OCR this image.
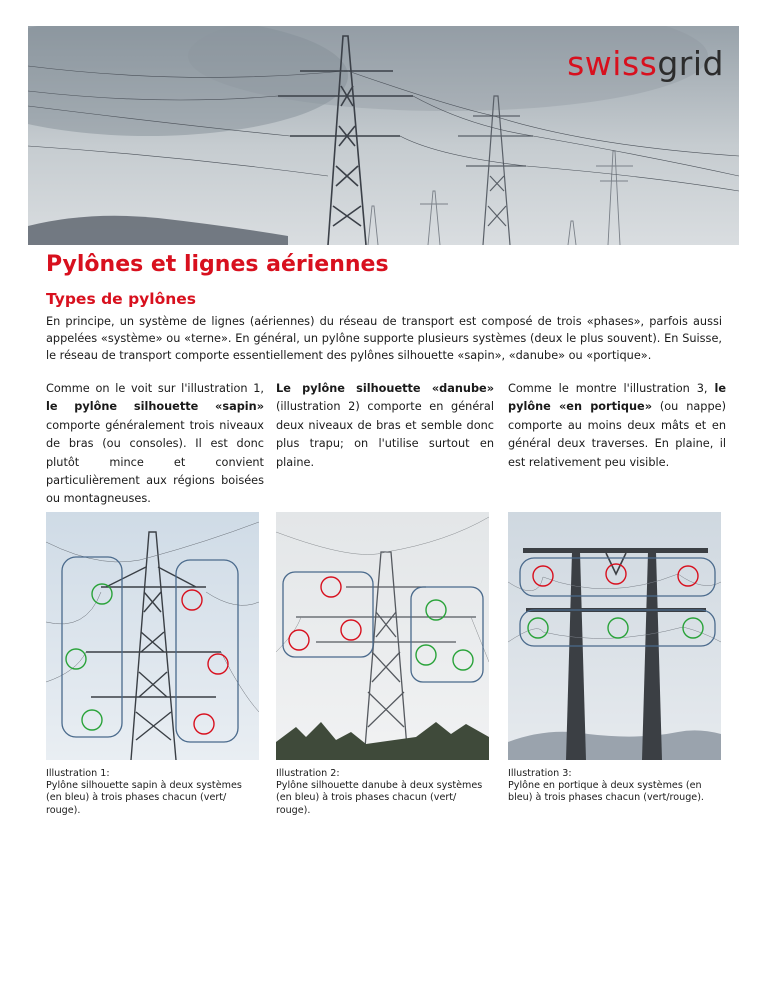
swissgrid
Pylônes et lignes aériennes
Types de pylônes

En principe, un système de lignes (aériennes) du réseau de transport est composé de trois «phases», parfois aussi appelées «système» ou «terne». En général, un pylône supporte plusieurs systèmes (deux le plus souvent). En Suisse, le réseau de transport comporte essentiellement des pylônes silhouette «sapin», «danube» ou «portique».

Comme on le voit sur l'illustration 1, le pylône silhouette «sapin» comporte généralement trois niveaux de bras (ou consoles). Il est donc plutôt mince et convient particulièrement aux régions boisées ou montagneuses.

Le pylône silhouette «danube» (illustration 2) comporte en général deux niveaux de bras et semble donc plus trapu; on l'utilise surtout en plaine.

Comme le montre l'illustration 3, le pylône «en portique» (ou nappe) comporte au moins deux mâts et en général deux traverses. En plaine, il est relativement peu visible.

Illustration 1:
Pylône silhouette sapin à deux systèmes (en bleu) à trois phases chacun (vert/ rouge).

Illustration 2:
Pylône silhouette danube à deux systèmes (en bleu) à trois phases chacun (vert/ rouge).

Illustration 3:
Pylône en portique à deux systèmes (en bleu) à trois phases chacun (vert/rouge).
